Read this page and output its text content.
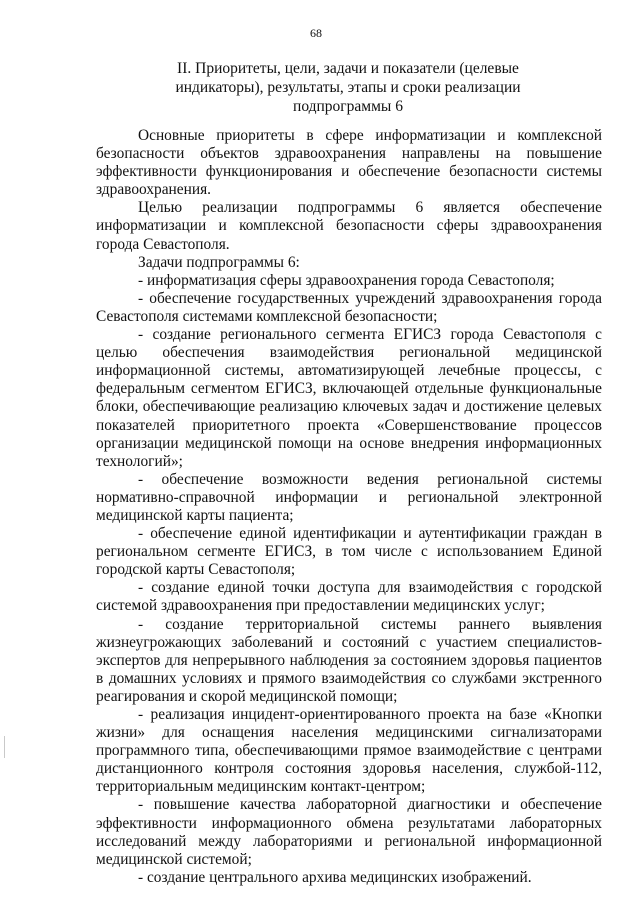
68
II. Приоритеты, цели, задачи и показатели (целевые
индикаторы), результаты, этапы и сроки реализации
подпрограммы 6

Основные приоритеты в сфере информатизации и комплексной безопасности объектов здравоохранения направлены на повышение эффективности функционирования и обеспечение безопасности системы здравоохранения.

Целью реализации подпрограммы 6 является обеспечение информатизации и комплексной безопасности сферы здравоохранения города Севастополя.

Задачи подпрограммы 6:

- информатизация сферы здравоохранения города Севастополя;

- обеспечение государственных учреждений здравоохранения города Севастополя системами комплексной безопасности;

- создание регионального сегмента ЕГИСЗ города Севастополя с целью обеспечения взаимодействия региональной медицинской информационной системы, автоматизирующей лечебные процессы, с федеральным сегментом ЕГИСЗ, включающей отдельные функциональные блоки, обеспечивающие реализацию ключевых задач и достижение целевых показателей приоритетного проекта «Совершенствование процессов организации медицинской помощи на основе внедрения информационных технологий»;

- обеспечение возможности ведения региональной системы нормативно-справочной информации и региональной электронной медицинской карты пациента;

- обеспечение единой идентификации и аутентификации граждан в региональном сегменте ЕГИСЗ, в том числе с использованием Единой городской карты Севастополя;

- создание единой точки доступа для взаимодействия с городской системой здравоохранения при предоставлении медицинских услуг;

- создание территориальной системы раннего выявления жизнеугрожающих заболеваний и состояний с участием специалистов-экспертов для непрерывного наблюдения за состоянием здоровья пациентов в домашних условиях и прямого взаимодействия со службами экстренного реагирования и скорой медицинской помощи;

- реализация инцидент-ориентированного проекта на базе «Кнопки жизни» для оснащения населения медицинскими сигнализаторами программного типа, обеспечивающими прямое взаимодействие с центрами дистанционного контроля состояния здоровья населения, службой-112, территориальным медицинским контакт-центром;

- повышение качества лабораторной диагностики и обеспечение эффективности информационного обмена результатами лабораторных исследований между лабораториями и региональной информационной медицинской системой;

- создание центрального архива медицинских изображений.
